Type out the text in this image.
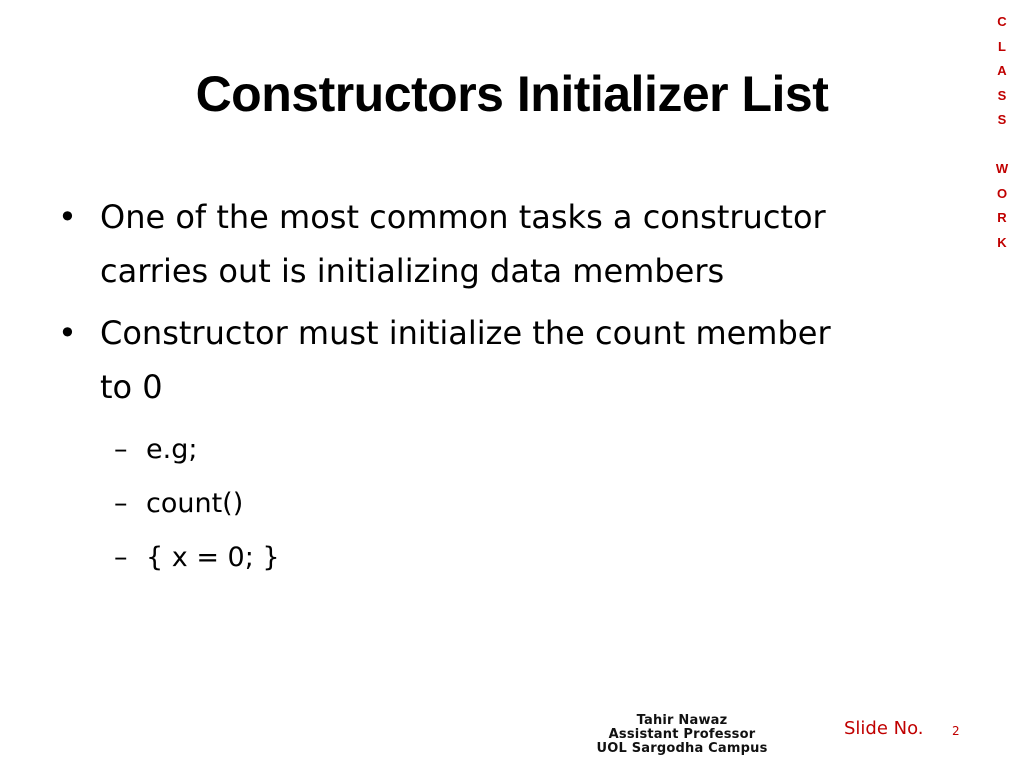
Constructors Initializer List
C
L
A
S
S
W
O
R
K
• One of the most common tasks a constructor
carries out is initializing data members
• Constructor must initialize the count member
to 0
– e.g;
– count()
– { x = 0; }
Tahir Nawaz
Assistant Professor
UOL Sargodha Campus
Slide No. 2
